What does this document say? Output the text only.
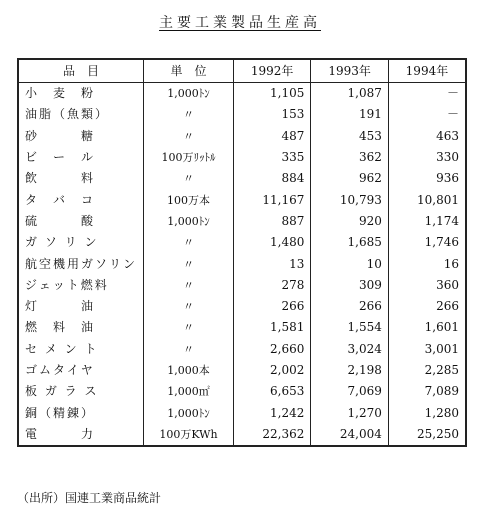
主要工業製品生産高
品　目	単　位	1992年	1993年	1994年
小　麦　粉	1,000ﾄﾝ	1,105	1,087	－
油脂（魚類）	〃	153	191	－
砂　　　糖	〃	487	453	463
ビ　ー　ル	100万ﾘｯﾄﾙ	335	362	330
飲　　　料	〃	884	962	936
タ　バ　コ	100万本	11,167	10,793	10,801
硫　　　酸	1,000ﾄﾝ	887	920	1,174
ガ ソ リ ン	〃	1,480	1,685	1,746
航空機用ガソリン	〃	13	10	16
ジェット燃料	〃	278	309	360
灯　　　油	〃	266	266	266
燃　料　油	〃	1,581	1,554	1,601
セ メ ン ト	〃	2,660	3,024	3,001
ゴムタイヤ	1,000本	2,002	2,198	2,285
板 ガ ラ ス	1,000㎡	6,653	7,069	7,089
銅（精錬）	1,000ﾄﾝ	1,242	1,270	1,280
電　　　力	100万KWh	22,362	24,004	25,250
（出所）国連工業商品統計
